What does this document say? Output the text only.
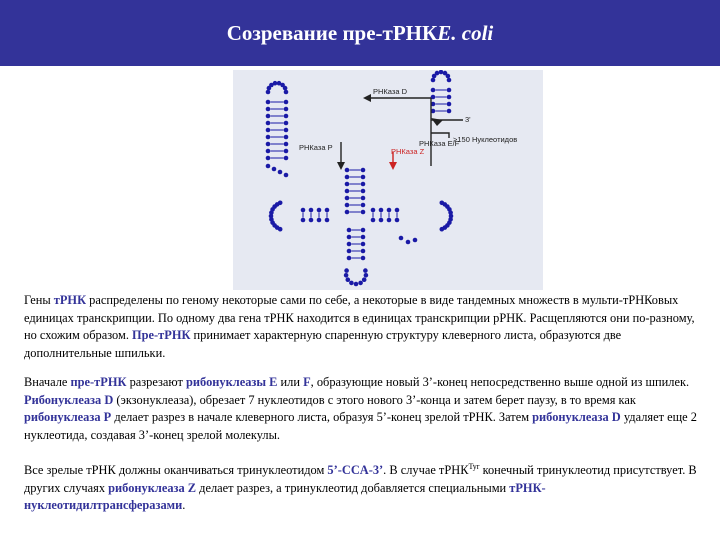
Созревание пре-тРНК E. coli
РНКаза D
3'
РНКаза E/F
>150 Нуклеотидов
РНКаза P	РНКаза Z
Гены тРНК распределены по геному некоторые сами по себе, а некоторые в виде тандемных множеств в мульти-тРНКовых единицах транскрипции. По одному два гена тРНК находится в единицах транскрипции рРНК. Расщепляются они по-разному, но схожим образом. Пре-тРНК принимает характерную спаренную структуру клеверного листа, образуются две дополнительные шпильки.
Вначале пре-тРНК разрезают рибонуклеазы E или F, образующие новый 3’-конец непосредственно выше одной из шпилек. Рибонуклеаза D (экзонуклеаза), обрезает 7 нуклеотидов с этого нового 3’-конца и затем берет паузу, в то время как рибонуклеаза P делает разрез в начале клеверного листа, образуя 5’-конец зрелой тРНК. Затем рибонуклеаза D удаляет еще 2 нуклеотида, создавая 3’-конец зрелой молекулы.
Все зрелые тРНК должны оканчиваться тринуклеотидом 5’-CCA-3’. В случае тРНК$^{Tyr}$ конечный тринуклеотид присутствует. В других случаях рибонуклеаза Z делает разрез, а тринуклеотид добавляется специальными тРНК-нуклеотидилтрансферазами.
